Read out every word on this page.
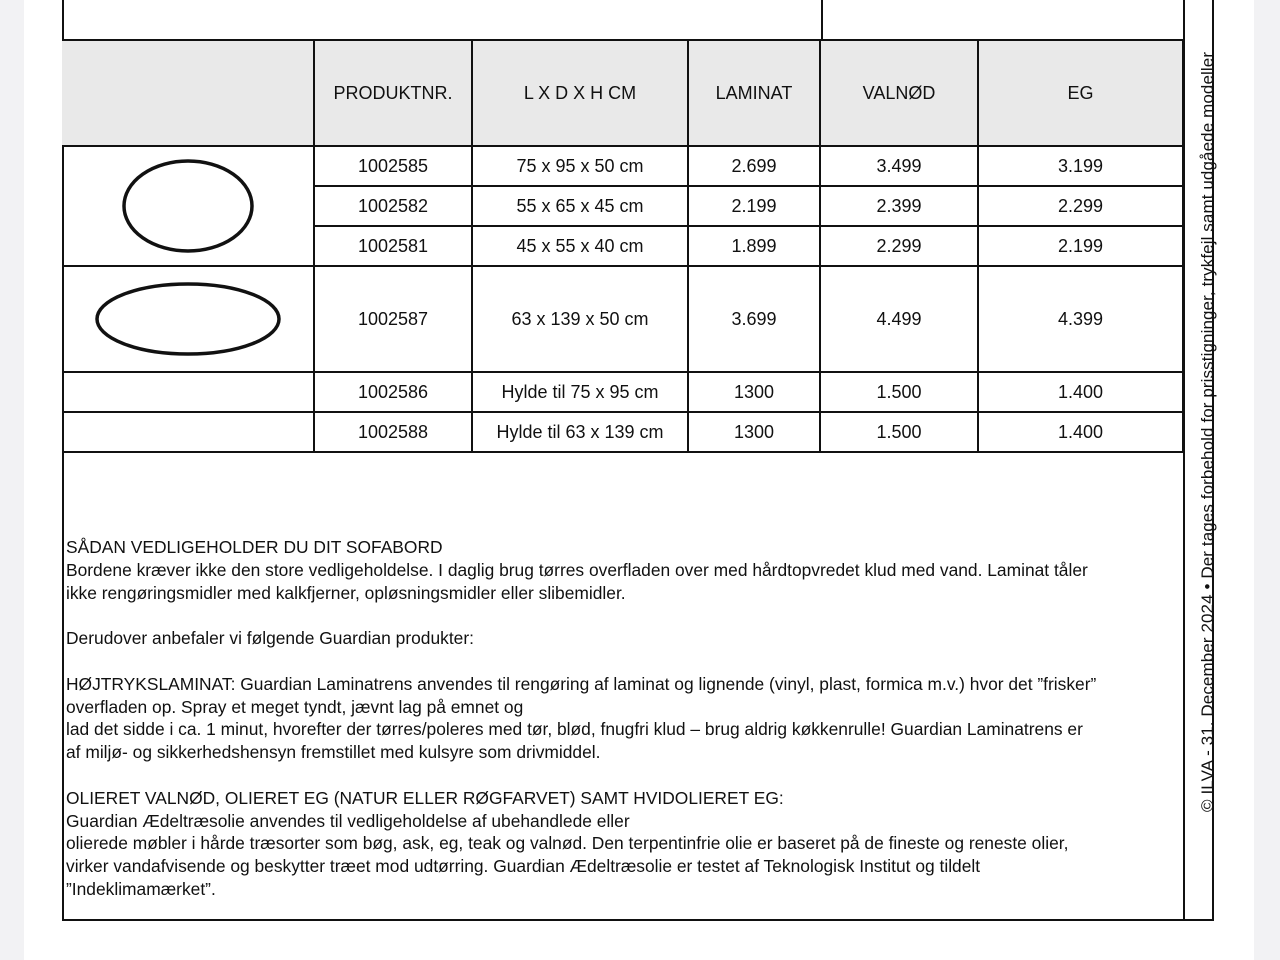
	PRODUKTNR.	L X D X H CM	LAMINAT	VALNØD	EG

	1002585	75 x 95 x 50 cm	2.699	3.499	3.199
	1002582	55 x 65 x 45 cm	2.199	2.399	2.299
	1002581	45 x 55 x 40 cm	1.899	2.299	2.199

	1002587	63 x 139 x 50 cm	3.699	4.499	4.399
	1002586	Hylde til 75 x 95 cm	1300	1.500	1.400
	1002588	Hylde til 63 x 139 cm	1300	1.500	1.400

SÅDAN VEDLIGEHOLDER DU DIT SOFABORD

Bordene kræver ikke den store vedligeholdelse. I daglig brug tørres overfladen over med hårdtopvredet klud med vand. Laminat tåler

ikke rengøringsmidler med kalkfjerner, opløsningsmidler eller slibemidler.

Derudover anbefaler vi følgende Guardian produkter:

HØJTRYKSLAMINAT: Guardian Laminatrens anvendes til rengøring af laminat og lignende (vinyl, plast, formica m.v.) hvor det ”frisker”

overfladen op. Spray et meget tyndt, jævnt lag på emnet og

lad det sidde i ca. 1 minut, hvorefter der tørres/poleres med tør, blød, fnugfri klud – brug aldrig køkkenrulle! Guardian Laminatrens er

af miljø- og sikkerhedshensyn fremstillet med kulsyre som drivmiddel.

OLIERET VALNØD, OLIERET EG (NATUR ELLER RØGFARVET) SAMT HVIDOLIERET EG:

Guardian Ædeltræsolie anvendes til vedligeholdelse af ubehandlede eller

olierede møbler i hårde træsorter som bøg, ask, eg, teak og valnød. Den terpentinfrie olie er baseret på de fineste og reneste olier,

virker vandafvisende og beskytter træet mod udtørring. Guardian Ædeltræsolie er testet af Teknologisk Institut og tildelt

”Indeklimamærket”.

© ILVA - 31. December 2024 • Der tages forbehold for prisstigninger, trykfejl samt udgåede modeller
